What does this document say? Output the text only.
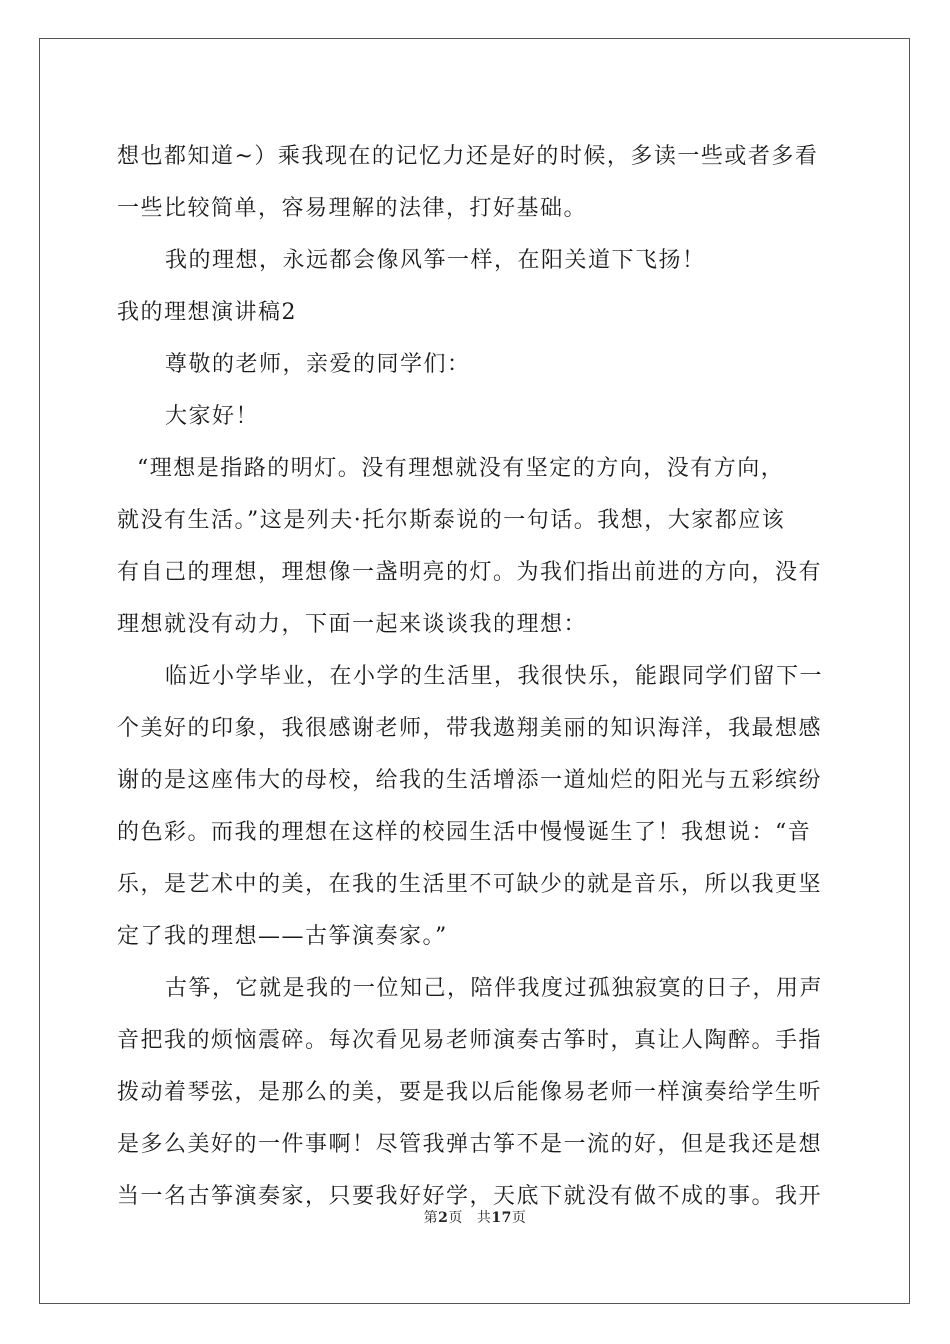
想也都知道~）乘我现在的记忆力还是好的时候，多读一些或者多看
一些比较简单，容易理解的法律，打好基础。
我的理想，永远都会像风筝一样，在阳关道下飞扬！
我的理想演讲稿2
尊敬的老师，亲爱的同学们：
大家好！
“理想是指路的明灯。没有理想就没有坚定的方向，没有方向，
就没有生活。”这是列夫·托尔斯泰说的一句话。我想，大家都应该
有自己的理想，理想像一盏明亮的灯。为我们指出前进的方向，没有
理想就没有动力，下面一起来谈谈我的理想：
临近小学毕业，在小学的生活里，我很快乐，能跟同学们留下一
个美好的印象，我很感谢老师，带我遨翔美丽的知识海洋，我最想感
谢的是这座伟大的母校，给我的生活增添一道灿烂的阳光与五彩缤纷
的色彩。而我的理想在这样的校园生活中慢慢诞生了！我想说：“音
乐，是艺术中的美，在我的生活里不可缺少的就是音乐，所以我更坚
定了我的理想——古筝演奏家。”
古筝，它就是我的一位知己，陪伴我度过孤独寂寞的日子，用声
音把我的烦恼震碎。每次看见易老师演奏古筝时，真让人陶醉。手指
拨动着琴弦，是那么的美，要是我以后能像易老师一样演奏给学生听
是多么美好的一件事啊！尽管我弹古筝不是一流的好，但是我还是想
当一名古筝演奏家，只要我好好学，天底下就没有做不成的事。我开
第2页 共17页
